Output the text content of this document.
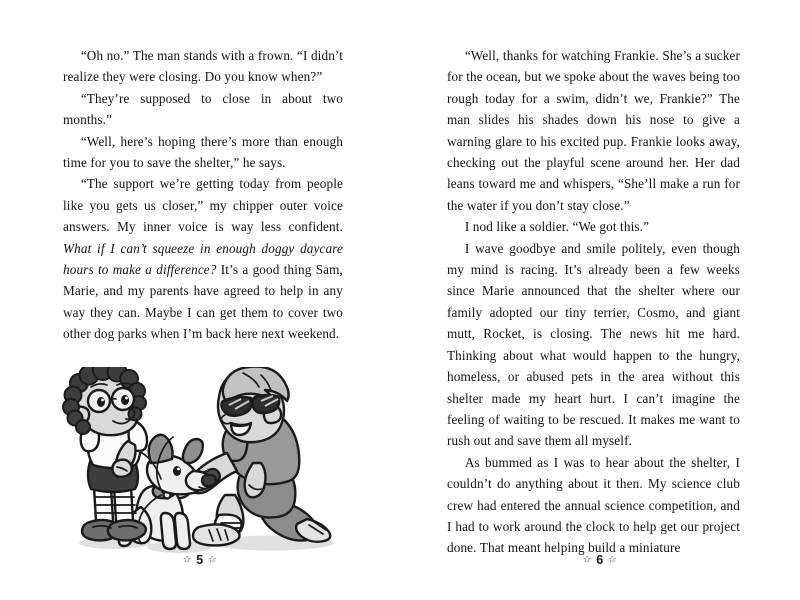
“Oh no.” The man stands with a frown. “I didn’t realize they were closing. Do you know when?”

“They’re supposed to close in about two months.”

“Well, here’s hoping there’s more than enough time for you to save the shelter,” he says.

“The support we’re getting today from people like you gets us closer,” my chipper outer voice answers. My inner voice is way less confident. What if I can’t squeeze in enough doggy daycare hours to make a difference? It’s a good thing Sam, Marie, and my parents have agreed to help in any way they can. Maybe I can get them to cover two other dog parks when I’m back here next weekend.

☆ 5 ☆

“Well, thanks for watching Frankie. She’s a sucker for the ocean, but we spoke about the waves being too rough today for a swim, didn’t we, Frankie?” The man slides his shades down his nose to give a warning glare to his excited pup. Frankie looks away, checking out the playful scene around her. Her dad leans toward me and whispers, “She’ll make a run for the water if you don’t stay close.”

I nod like a soldier. “We got this.”

I wave goodbye and smile politely, even though my mind is racing. It’s already been a few weeks since Marie announced that the shelter where our family adopted our tiny terrier, Cosmo, and giant mutt, Rocket, is closing. The news hit me hard. Thinking about what would happen to the hungry, homeless, or abused pets in the area without this shelter made my heart hurt. I can’t imagine the feeling of waiting to be rescued. It makes me want to rush out and save them all myself.

As bummed as I was to hear about the shelter, I couldn’t do anything about it then. My science club crew had entered the annual science competition, and I had to work around the clock to help get our project done. That meant helping build a miniature

☆ 6 ☆
